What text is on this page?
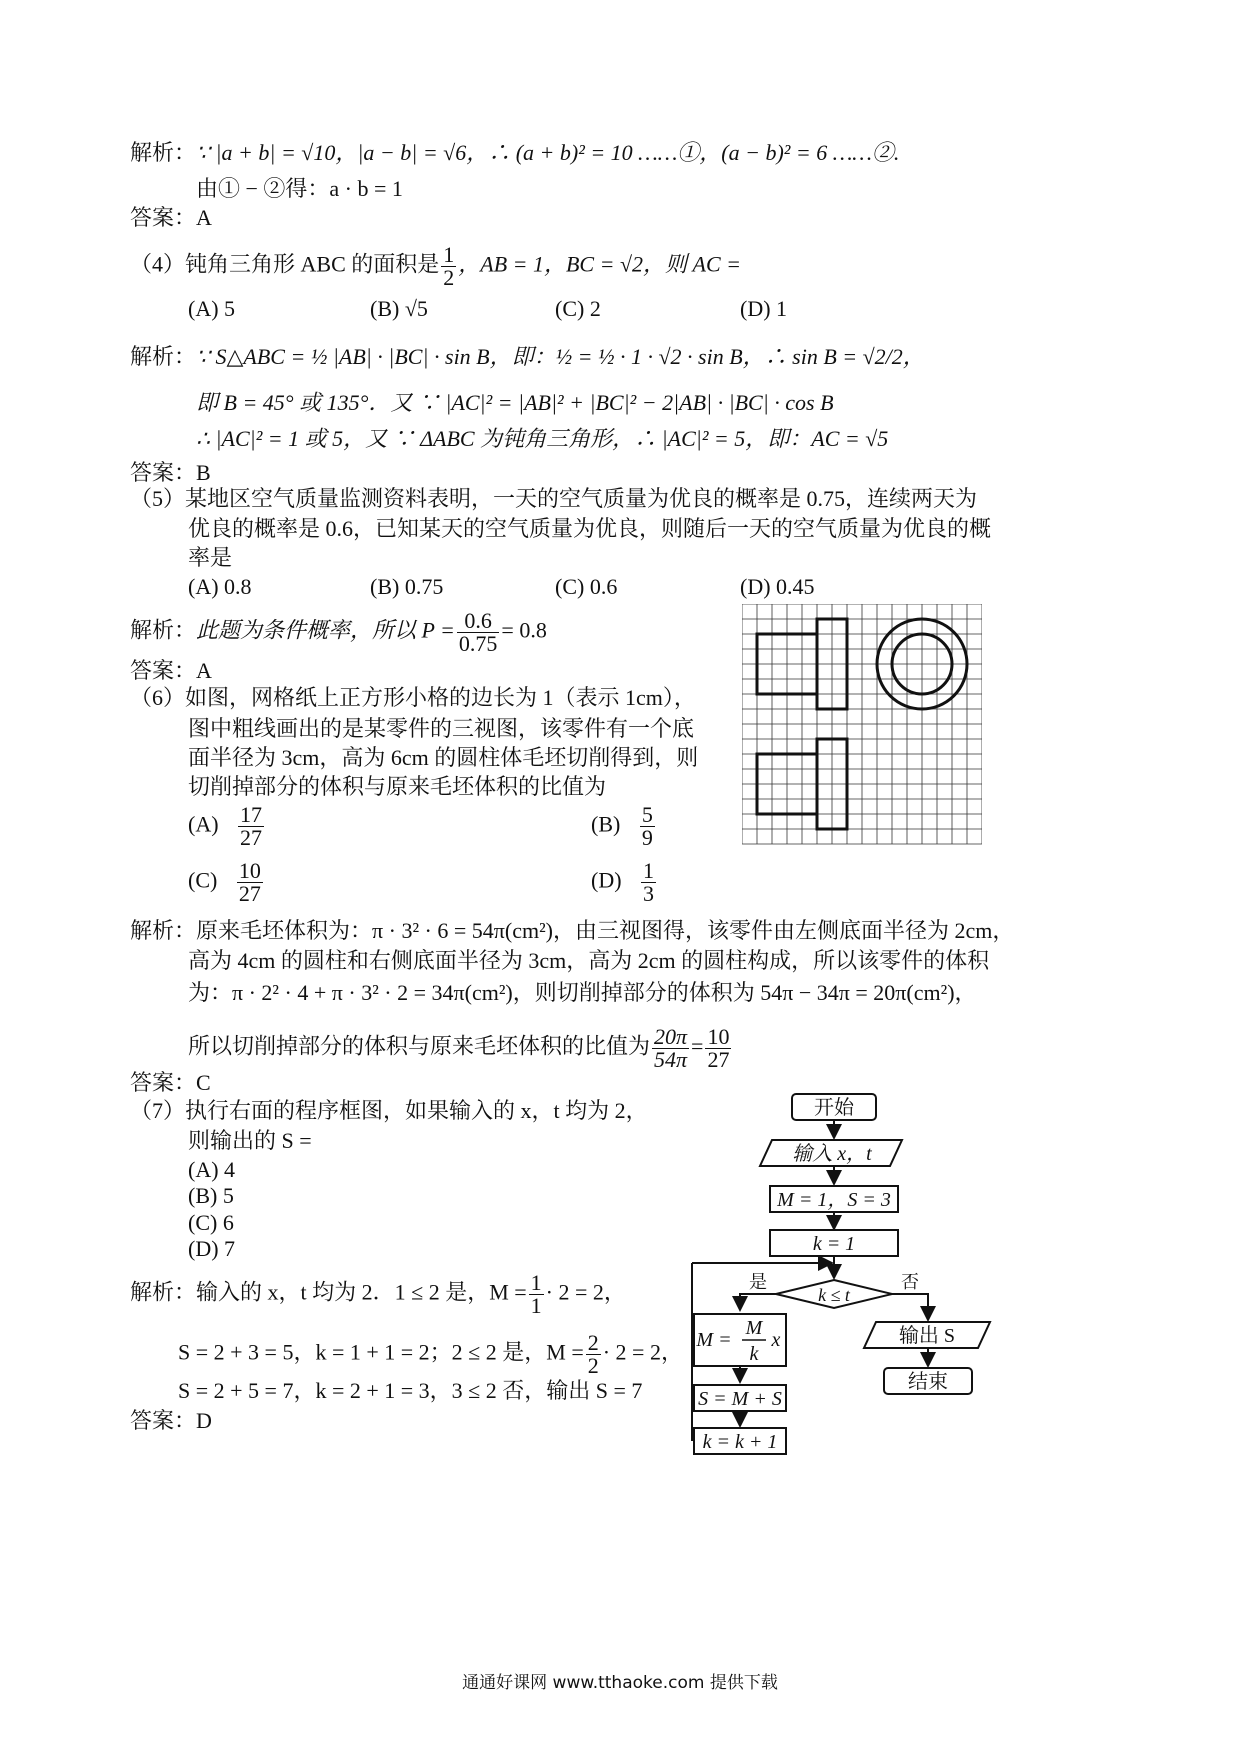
解析：∵ |a + b| = √10，|a − b| = √6，∴ (a + b)² = 10 ……①，(a − b)² = 6 ……②.
由① − ②得：a · b = 1
答案：A
（4）钝角三角形 ABC 的面积是 $\frac{1}{2}$ ，AB = 1，BC = √2，则 AC =
(A) 5	(B) √5	(C) 2	(D) 1
解析：∵ S△ABC = ½ |AB| · |BC| · sin B，即：½ = ½ · 1 · √2 · sin B，∴ sin B = √2/2，
即 B = 45° 或 135°．又 ∵ |AC|² = |AB|² + |BC|² − 2|AB| · |BC| · cos B
∴ |AC|² = 1 或 5，又 ∵ ΔABC 为钝角三角形，∴ |AC|² = 5，即：AC = √5
答案：B
（5）某地区空气质量监测资料表明，一天的空气质量为优良的概率是 0.75，连续两天为
优良的概率是 0.6，已知某天的空气质量为优良，则随后一天的空气质量为优良的概
率是
(A) 0.8	(B) 0.75	(C) 0.6	(D) 0.45
解析：此题为条件概率，所以 $P = \frac{0.6}{0.75} = 0.8$
答案：A
（6）如图，网格纸上正方形小格的边长为 1（表示 1cm），
图中粗线画出的是某零件的三视图，该零件有一个底
面半径为 3cm，高为 6cm 的圆柱体毛坯切削得到，则
切削掉部分的体积与原来毛坯体积的比值为
$(A) \frac{17}{27}$	$(B) \frac{5}{9}$
$(C) \frac{10}{27}$	$(D) \frac{1}{3}$
解析：原来毛坯体积为：π · 3² · 6 = 54π(cm²)，由三视图得，该零件由左侧底面半径为 2cm，
高为 4cm 的圆柱和右侧底面半径为 3cm，高为 2cm 的圆柱构成，所以该零件的体积
为：π · 2² · 4 + π · 3² · 2 = 34π(cm²)，则切削掉部分的体积为 54π − 34π = 20π(cm²)，
所以切削掉部分的体积与原来毛坯体积的比值为 $\frac{20\pi}{54\pi} = \frac{10}{27}$
答案：C
（7）执行右面的程序框图，如果输入的 x，t 均为 2，
则输出的 S =
(A) 4
(B) 5
(C) 6
(D) 7
解析：输入的 x，t 均为 2．1 ≤ 2 是，$M = \frac{1}{1} \cdot 2 = 2$，
S = 2 + 3 = 5，k = 1 + 1 = 2；2 ≤ 2 是，$M = \frac{2}{2} \cdot 2 = 2$，
S = 2 + 5 = 7，k = 2 + 1 = 3，3 ≤ 2 否，输出 S = 7
答案：D
开始
输入 x，t
M = 1，S = 3
k = 1
k ≤ t
是	否
M =
M
k
x
S = M + S
k = k + 1
输出 S
结束
通通好课网 www.tthaoke.com 提供下载
